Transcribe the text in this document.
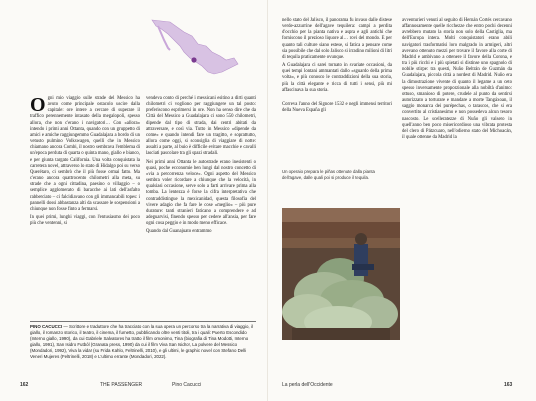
Ogni mio viaggio sulle strade del Messico ha avuto come principale ostacolo uscire dalla capitale: ore intere a cercare di superare il traffico perennemente intasato della megalopoli, spesso allora, che non c'erano i navigatori… Con «allora» intendo i primi anni Ottanta, quando con un gruppetto di amici e amiche raggiungemmo Guadalajara a bordo di un vetusto pulmino Volkswagen, quelli che in Messico chiamano ancora Combi, il nostro sembrava l'emblema di un'epoca perduta di quarta o quinta mano, giallo e bianco, e per giunta targato California. Una volta conquistata la carretera novel, attraverso lo stato di Hidalgo poi su verso Querétaro, ci sembrò che il più fosse ormai fatto. Ma c'erano ancora quattrocento chilometri alla meta, su strade che a ogni cittadina, paesino o villaggio – o semplice agglomerato di baracche ai lati dell'asfalto rabberciato – ci falcidiavano con gli immancabili topes: i pannelli dossi abbastanza alti da scassare le sospensioni a chiunque non fosse finto a fermarsi.

In quei primi, lunghi viaggi, con l'entusiasmo dei poco più che ventenni, si

vendeva conto di perché i messicani esitino a dirti quanti chilometri ci vogliono per raggiungere un tal posto: preferiscono esprimersi in ore. Non ha senso dire che da Città del Messico a Guadalajara ci sono 550 chilometri, dipende dal tipo di strada, dai centri abitati da attraversare, e così via. Tutto in Messico «dipende da come» e quando intendi fare un tragitto, e soprattutto, allora come oggi, si sconsiglia di viaggiare di notte: assalti a parte, al buio è difficile evitare macchie e cavalli lasciati pascolare tra gli spazi stradali.

Nei primi anni Ottanta le autostrade erano inesistenti o quasi, poche ecconomie ben lungi dal nostro concetto di «via a percorrenza veloce». Ogni aspetto del Messico sembra voler ricordare a chiunque che la velocità, in qualsiasi occasione, serve solo a farti arrivare prima alla tomba. La lentezza è forse la cifra interpretativa che contraddistingue la mexicanidad, questa filosofia del vivere adagio che fa fare le cose «meglio» – più pure durature: tanti stranieri faticano a comprendere e ad adeguarvisi, finendo spesso per cedere all'ansia, per fare ogni cosa peggio e in modo meno efficace.

Quando dal Guanajuato entrammo

PINO CACUCCI — Scrittore e traduttore che ha tracciato con la sua opera un percorso tra la narrativa di viaggio, il giallo, il romanzo storico, il teatro, il cinema, il fumetto, pubblicando oltre venti titoli, tra i quali: Puerto Escondido (Interno giallo, 1990), da cui Gabriele Salvatores ha tratto il film omonimo, Tina (biografia di Tina Modotti, Interno giallo, 1991), San Isidro Futból (Granata press, 1990) da cui il film Viva San Isidro!, La polvere del Messico (Mondadori, 1992), Viva la vida! (su Frida Kahlo, Feltrinelli, 2010), e gli ultimi, le graphic novel con Stefano Delli Veneri Mujeres (Feltrinelli, 2018) e L'ultimo errante (Mondadori, 2022).
162	THE PASSENGER	Pino Cacucci

nello stato del Jalisco, il panorama fu invaso dalle distese verde-azzurrine dell'agave tequilera: campi a perdita d'occhio per la pianta nativa e aspra e agli antichi che forniscono il prezioso liquore al… rovi del mondo. E per quanto tali culture siano estese, si fatica a pensare come sia possibile che dal solo Jalisco si irradino milioni di litri di tequila praticamente ovunque.

A Guadalajara ci sarei tornato in svariate occasioni, da quei tempi lontani ammantati dallo «sguardo della prima volta», e più conosco le contraddizioni della sua storia, più la città elegante e ricca di tutti i sensi, più mi affascinava la sua storia.

Correva l'anno del Signore 1532 e negli immensi territori della Nueva España gli

Un operaio prepara le piñas ottenute dalla pianta dell'agave, dalle quali poi si produce il tequila.

avventurieri venuti al seguito di Hernán Cortés cercavano affannosamente quelle ricchezze che entro pochi decenni avrebbero mutato la storia non solo della Castiglia, ma dell'Europa intera. Molti conquistatori erano abili navigatori trasformatisi loro malgrado in armigeri, altri avevano ottenuto mezzi per trovare il favore alla corte di Madrid e ambivano a ottenere il favore della Corona, e tra i più ricchi e i più spietati si distinse uno spagnolo di nobile stirpe: tra questi, Nuño Beltrán de Guzmán da Guadalajara, piccola città a nordest di Madrid. Nuño era la dimostrazione vivente di quanto il legame a un ceto spesso inversamente proporzionale alla nobiltà d'animo: ottuso, smanioso di potere, crudele al punto da sentirsi autorizzato a torturare e mandare a morte Tangáxoan, il saggio monarca dei purépechas, o tarascos, che si era convertito al cristianesimo e non possedeva alcun tesoro nascosto. Le scelleratezze di Nuño gli valsero in quell'anno ben poco misericordioso una vibrata protesta del clero di Pátzcuaro, nell'odierno stato del Michoacán, il quale ottenne da Madrid la

La perla dell'Occidente	163
